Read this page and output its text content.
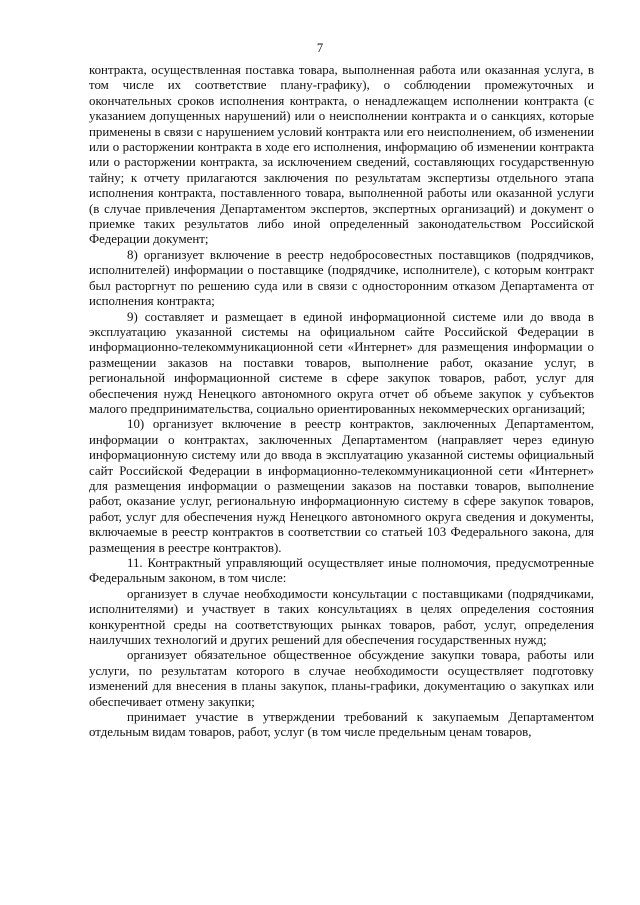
7

контракта, осуществленная поставка товара, выполненная работа или оказанная услуга, в том числе их соответствие плану-графику), о соблюдении промежуточных и окончательных сроков исполнения контракта, о ненадлежащем исполнении контракта (с указанием допущенных нарушений) или о неисполнении контракта и о санкциях, которые применены в связи с нарушением условий контракта или его неисполнением, об изменении или о расторжении контракта в ходе его исполнения, информацию об изменении контракта или о расторжении контракта, за исключением сведений, составляющих государственную тайну; к отчету прилагаются заключения по результатам экспертизы отдельного этапа исполнения контракта, поставленного товара, выполненной работы или оказанной услуги (в случае привлечения Департаментом экспертов, экспертных организаций) и документ о приемке таких результатов либо иной определенный законодательством Российской Федерации документ;

8) организует включение в реестр недобросовестных поставщиков (подрядчиков, исполнителей) информации о поставщике (подрядчике, исполнителе), с которым контракт был расторгнут по решению суда или в связи с односторонним отказом Департамента от исполнения контракта;

9) составляет и размещает в единой информационной системе или до ввода в эксплуатацию указанной системы на официальном сайте Российской Федерации в информационно-телекоммуникационной сети «Интернет» для размещения информации о размещении заказов на поставки товаров, выполнение работ, оказание услуг, в региональной информационной системе в сфере закупок товаров, работ, услуг для обеспечения нужд Ненецкого автономного округа отчет об объеме закупок у субъектов малого предпринимательства, социально ориентированных некоммерческих организаций;

10) организует включение в реестр контрактов, заключенных Департаментом, информации о контрактах, заключенных Департаментом (направляет через единую информационную систему или до ввода в эксплуатацию указанной системы официальный сайт Российской Федерации в информационно-телекоммуникационной сети «Интернет» для размещения информации о размещении заказов на поставки товаров, выполнение работ, оказание услуг, региональную информационную систему в сфере закупок товаров, работ, услуг для обеспечения нужд Ненецкого автономного округа сведения и документы, включаемые в реестр контрактов в соответствии со статьей 103 Федерального закона, для размещения в реестре контрактов).

11. Контрактный управляющий осуществляет иные полномочия, предусмотренные Федеральным законом, в том числе:

организует в случае необходимости консультации с поставщиками (подрядчиками, исполнителями) и участвует в таких консультациях в целях определения состояния конкурентной среды на соответствующих рынках товаров, работ, услуг, определения наилучших технологий и других решений для обеспечения государственных нужд;

организует обязательное общественное обсуждение закупки товара, работы или услуги, по результатам которого в случае необходимости осуществляет подготовку изменений для внесения в планы закупок, планы-графики, документацию о закупках или обеспечивает отмену закупки;

принимает участие в утверждении требований к закупаемым Департаментом отдельным видам товаров, работ, услуг (в том числе предельным ценам товаров,
